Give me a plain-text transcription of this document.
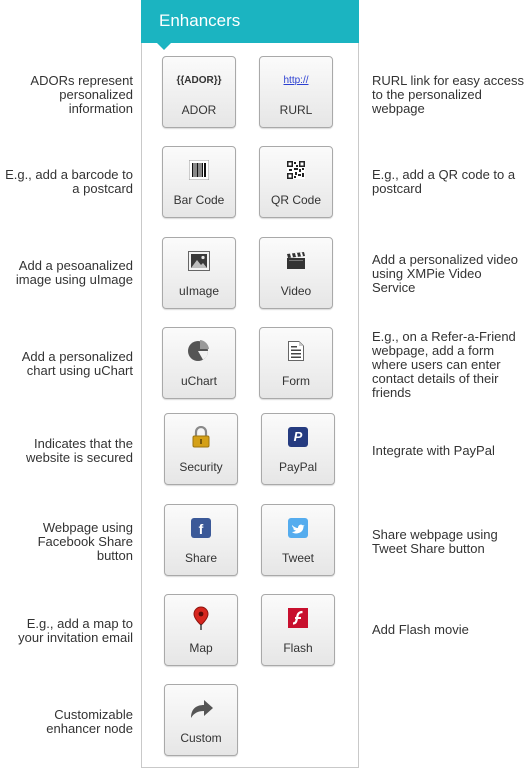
Enhancers
ADORs represent personalized information
{{ADOR}}
ADOR
http://
RURL
RURL link for easy access to the personalized webpage
E.g., add a barcode to a postcard
Bar Code	QR Code
E.g., add a QR code to a postcard
Add a pesoanalized image using uImage
uImage	Video
Add a personalized video using XMPie Video Service
Add a personalized chart using uChart
uChart	Form
E.g., on a Refer-a-Friend webpage, add a form where users can enter contact details of their friends
Indicates that the website is secured
Security
P
PayPal
Integrate with PayPal
Webpage using Facebook Share button
f
Share	Tweet
Share webpage using Tweet Share button
E.g., add a map to your invitation email
Map	Flash
Add Flash movie
Customizable enhancer node
Custom
